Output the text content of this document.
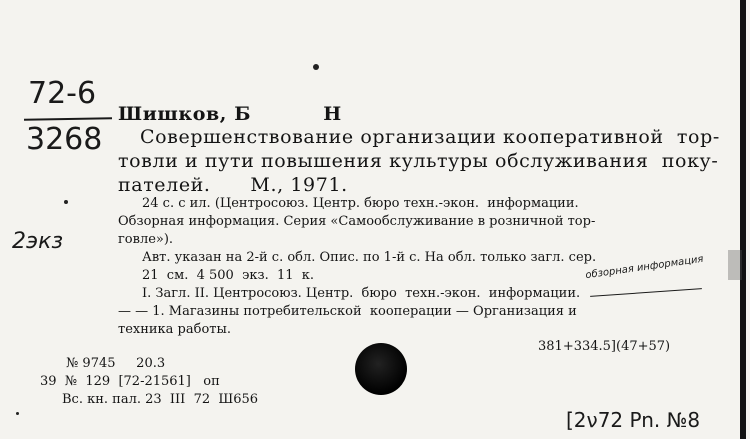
72-6
3268
2экз
Шишков, Б          Н
Совершенствование организации кооперативной  тор-
товли и пути повышения культуры обслуживания  поку-
пателей.      М., 1971.
24 с. с ил. (Центросоюз. Центр. бюро техн.-экон.  информации.
Обзорная информация. Серия «Самообслуживание в розничной тор-
говле»).
Авт. указан на 2-й с. обл. Опис. по 1-й с. На обл. только загл. сер.
21  см.  4 500  экз.  11  к.	обзорная информация
I. Загл. II. Центросоюз. Центр.  бюро  техн.-экон.  информации.
— — 1. Магазины потребительской  кооперации — Организация и
техника работы.
381+334.5](47+57)
№ 9745     20.3
39  №  129  [72-21561]   оп
Вс. кн. пал. 23  III  72  Ш656
[2ν72 Pn. №8
